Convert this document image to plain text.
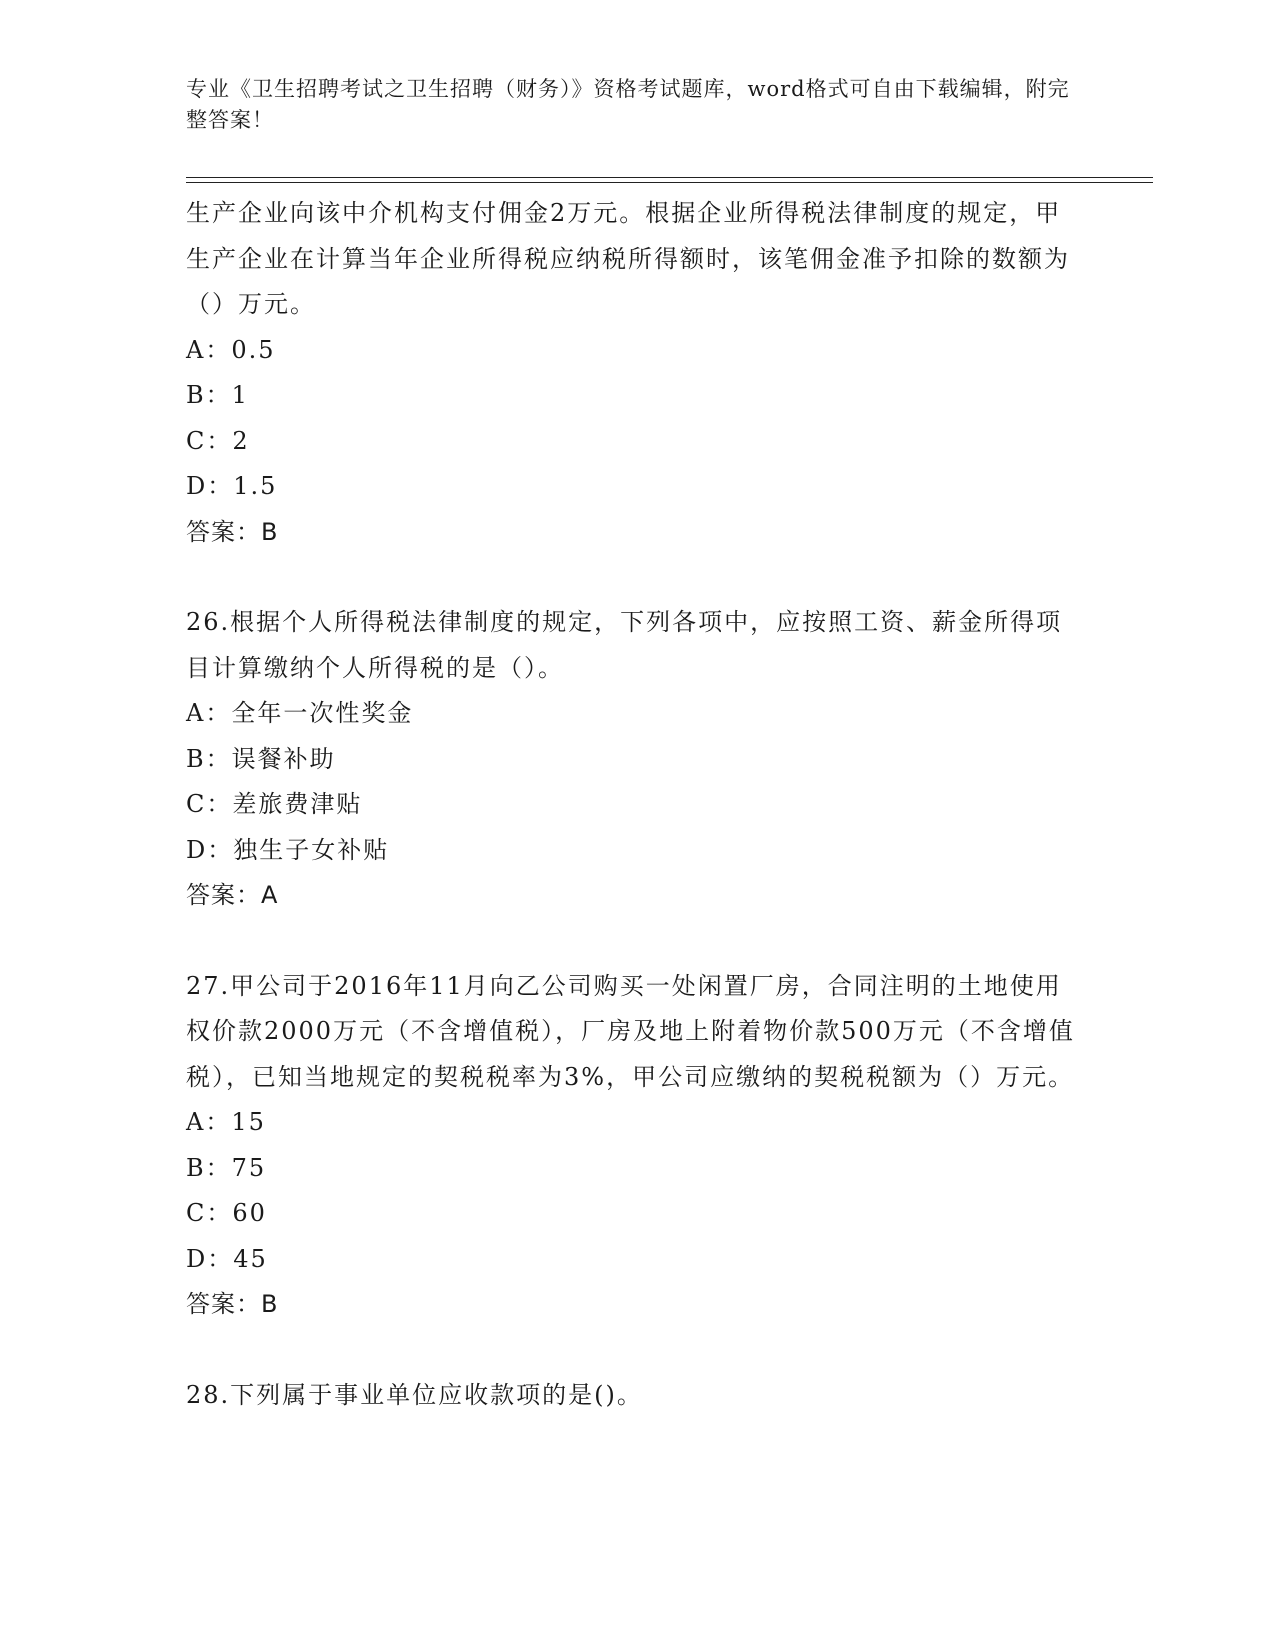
专业《卫生招聘考试之卫生招聘（财务）》资格考试题库，word格式可自由下载编辑，附完整答案！
生产企业向该中介机构支付佣金2万元。根据企业所得税法律制度的规定，甲生产企业在计算当年企业所得税应纳税所得额时，该笔佣金准予扣除的数额为（）万元。
A：0.5
B：1
C：2
D：1.5
答案：B
26.根据个人所得税法律制度的规定，下列各项中，应按照工资、薪金所得项目计算缴纳个人所得税的是（）。
A：全年一次性奖金
B：误餐补助
C：差旅费津贴
D：独生子女补贴
答案：A
27.甲公司于2016年11月向乙公司购买一处闲置厂房，合同注明的土地使用权价款2000万元（不含增值税），厂房及地上附着物价款500万元（不含增值税），已知当地规定的契税税率为3%，甲公司应缴纳的契税税额为（）万元。
A：15
B：75
C：60
D：45
答案：B
28.下列属于事业单位应收款项的是()。
